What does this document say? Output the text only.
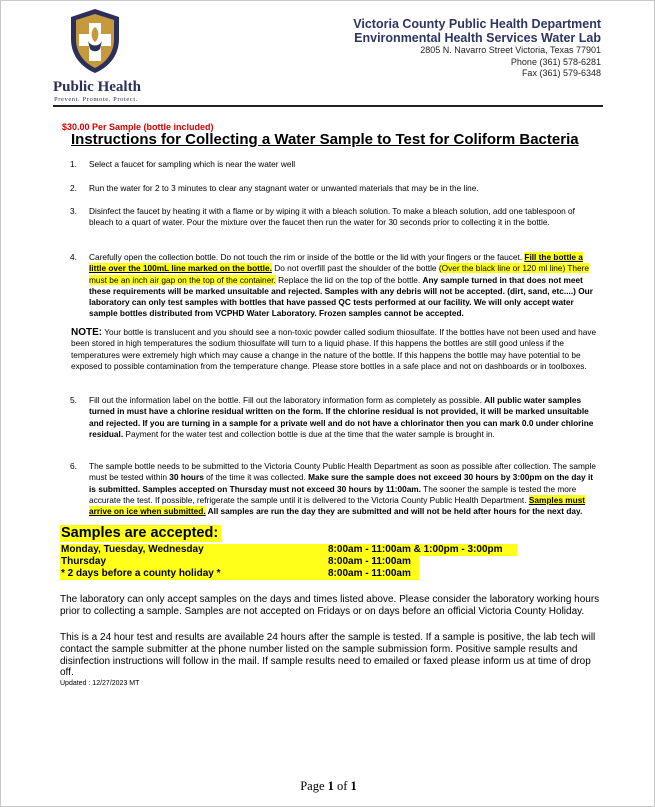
Public Health
Prevent. Promote. Protect.
Victoria County Public Health Department
Environmental Health Services Water Lab
2805 N. Navarro Street Victoria, Texas 77901
Phone (361) 578-6281
Fax (361) 579-6348
$30.00 Per Sample (bottle included)
Instructions for Collecting a Water Sample to Test for Coliform Bacteria
1. Select a faucet for sampling which is near the water well
2. Run the water for 2 to 3 minutes to clear any stagnant water or unwanted materials that may be in the line.
3. Disinfect the faucet by heating it with a flame or by wiping it with a bleach solution. To make a bleach solution, add one tablespoon of bleach to a quart of water. Pour the mixture over the faucet then run the water for 30 seconds prior to collecting it in the bottle.
4. Carefully open the collection bottle. Do not touch the rim or inside of the bottle or the lid with your fingers or the faucet. Fill the bottle a little over the 100mL line marked on the bottle. Do not overfill past the shoulder of the bottle (Over the black line or 120 ml line) There must be an inch air gap on the top of the container. Replace the lid on the top of the bottle. Any sample turned in that does not meet these requirements will be marked unsuitable and rejected. Samples with any debris will not be accepted. (dirt, sand, etc....) Our laboratory can only test samples with bottles that have passed QC tests performed at our facility. We will only accept water sample bottles distributed from VCPHD Water Laboratory. Frozen samples cannot be accepted.
NOTE: Your bottle is translucent and you should see a non-toxic powder called sodium thiosulfate. If the bottles have not been used and have been stored in high temperatures the sodium thiosulfate will turn to a liquid phase. If this happens the bottles are still good unless if the temperatures were extremely high which may cause a change in the nature of the bottle. If this happens the bottle may have potential to be exposed to possible contamination from the temperature change. Please store bottles in a safe place and not on dashboards or in toolboxes.
5. Fill out the information label on the bottle. Fill out the laboratory information form as completely as possible. All public water samples turned in must have a chlorine residual written on the form. If the chlorine residual is not provided, it will be marked unsuitable and rejected. If you are turning in a sample for a private well and do not have a chlorinator then you can mark 0.0 under chlorine residual. Payment for the water test and collection bottle is due at the time that the water sample is brought in.
6. The sample bottle needs to be submitted to the Victoria County Public Health Department as soon as possible after collection. The sample must be tested within 30 hours of the time it was collected. Make sure the sample does not exceed 30 hours by 3:00pm on the day it is submitted. Samples accepted on Thursday must not exceed 30 hours by 11:00am. The sooner the sample is tested the more accurate the test. If possible, refrigerate the sample until it is delivered to the Victoria County Public Health Department. Samples must arrive on ice when submitted. All samples are run the day they are submitted and will not be held after hours for the next day.
Samples are accepted:
Monday, Tuesday, Wednesday	8:00am - 11:00am & 1:00pm - 3:00pm
Thursday	8:00am - 11:00am
* 2 days before a county holiday *	8:00am - 11:00am
The laboratory can only accept samples on the days and times listed above. Please consider the laboratory working hours prior to collecting a sample. Samples are not accepted on Fridays or on days before an official Victoria County Holiday.
This is a 24 hour test and results are available 24 hours after the sample is tested. If a sample is positive, the lab tech will contact the sample submitter at the phone number listed on the sample submission form. Positive sample results and disinfection instructions will follow in the mail. If sample results need to emailed or faxed please inform us at time of drop off.
Updated : 12/27/2023 MT
Page 1 of 1
